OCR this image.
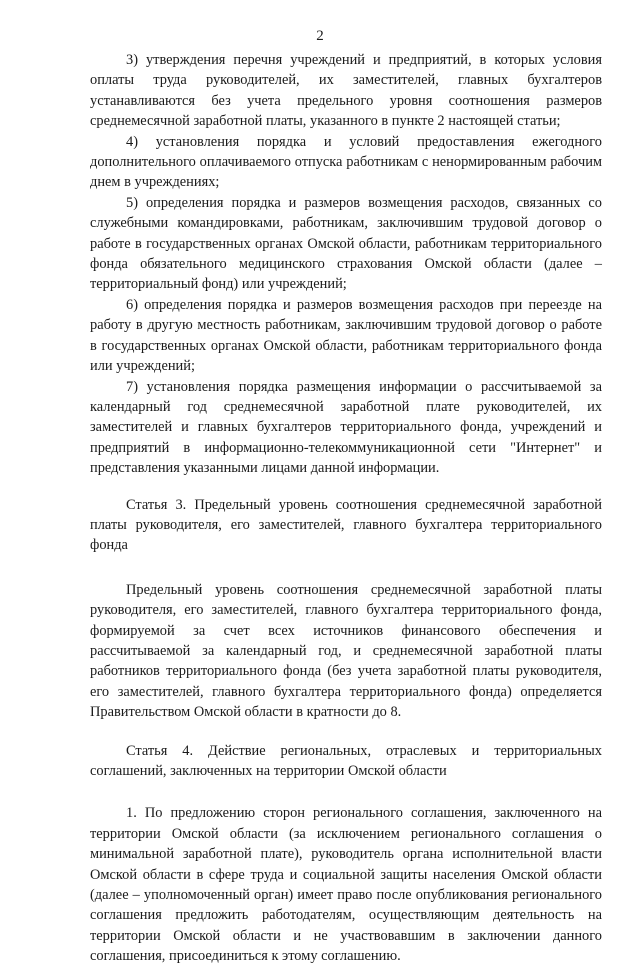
2

3) утверждения перечня учреждений и предприятий, в которых условия оплаты труда руководителей, их заместителей, главных бухгалтеров устанавливаются без учета предельного уровня соотношения размеров среднемесячной заработной платы, указанного в пункте 2 настоящей статьи;

4) установления порядка и условий предоставления ежегодного дополнительного оплачиваемого отпуска работникам с ненормированным рабочим днем в учреждениях;

5) определения порядка и размеров возмещения расходов, связанных со служебными командировками, работникам, заключившим трудовой договор о работе в государственных органах Омской области, работникам территориального фонда обязательного медицинского страхования Омской области (далее – территориальный фонд) или учреждений;

6) определения порядка и размеров возмещения расходов при переезде на работу в другую местность работникам, заключившим трудовой договор о работе в государственных органах Омской области, работникам территориального фонда или учреждений;

7) установления порядка размещения информации о рассчитываемой за календарный год среднемесячной заработной плате руководителей, их заместителей и главных бухгалтеров территориального фонда, учреждений и предприятий в информационно-телекоммуникационной сети "Интернет" и представления указанными лицами данной информации.

Статья 3. Предельный уровень соотношения среднемесячной заработной платы руководителя, его заместителей, главного бухгалтера территориального фонда

Предельный уровень соотношения среднемесячной заработной платы руководителя, его заместителей, главного бухгалтера территориального фонда, формируемой за счет всех источников финансового обеспечения и рассчитываемой за календарный год, и среднемесячной заработной платы работников территориального фонда (без учета заработной платы руководителя, его заместителей, главного бухгалтера территориального фонда) определяется Правительством Омской области в кратности до 8.

Статья 4. Действие региональных, отраслевых и территориальных соглашений, заключенных на территории Омской области

1. По предложению сторон регионального соглашения, заключенного на территории Омской области (за исключением регионального соглашения о минимальной заработной плате), руководитель органа исполнительной власти Омской области в сфере труда и социальной защиты населения Омской области (далее – уполномоченный орган) имеет право после опубликования регионального соглашения предложить работодателям, осуществляющим деятельность на территории Омской области и не участвовавшим в заключении данного соглашения, присоединиться к этому соглашению.
